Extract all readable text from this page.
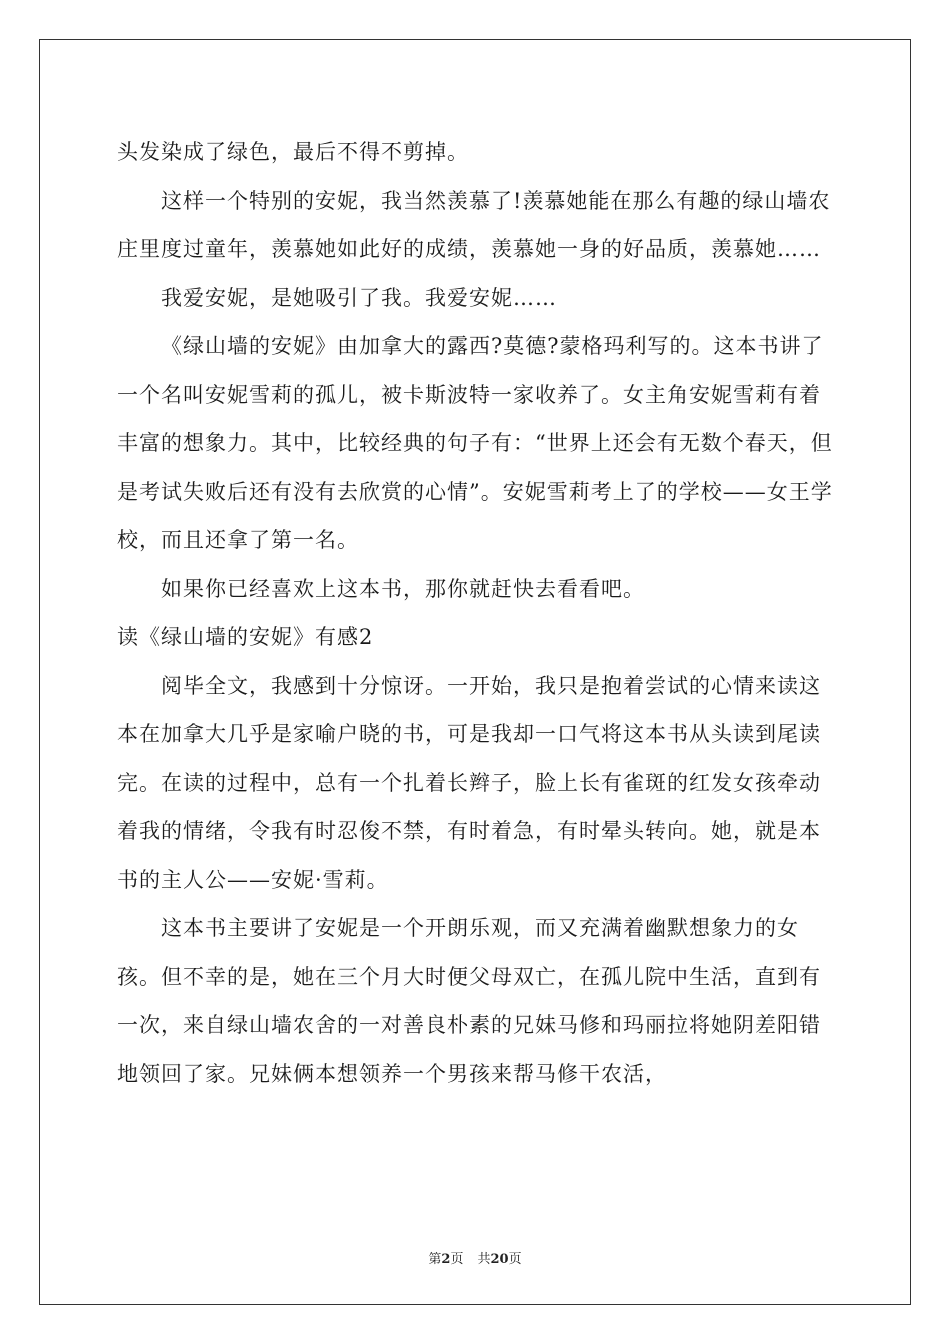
头发染成了绿色，最后不得不剪掉。

这样一个特别的安妮，我当然羡慕了!羡慕她能在那么有趣的绿山墙农庄里度过童年，羡慕她如此好的成绩，羡慕她一身的好品质，羡慕她……

我爱安妮，是她吸引了我。我爱安妮……

《绿山墙的安妮》由加拿大的露西?莫德?蒙格玛利写的。这本书讲了一个名叫安妮雪莉的孤儿，被卡斯波特一家收养了。女主角安妮雪莉有着丰富的想象力。其中，比较经典的句子有：“世界上还会有无数个春天，但是考试失败后还有没有去欣赏的心情”。安妮雪莉考上了的学校——女王学校，而且还拿了第一名。

如果你已经喜欢上这本书，那你就赶快去看看吧。

读《绿山墙的安妮》有感2

阅毕全文，我感到十分惊讶。一开始，我只是抱着尝试的心情来读这本在加拿大几乎是家喻户晓的书，可是我却一口气将这本书从头读到尾读完。在读的过程中，总有一个扎着长辫子，脸上长有雀斑的红发女孩牵动着我的情绪，令我有时忍俊不禁，有时着急，有时晕头转向。她，就是本书的主人公——安妮·雪莉。

这本书主要讲了安妮是一个开朗乐观，而又充满着幽默想象力的女孩。但不幸的是，她在三个月大时便父母双亡，在孤儿院中生活，直到有一次，来自绿山墙农舍的一对善良朴素的兄妹马修和玛丽拉将她阴差阳错地领回了家。兄妹俩本想领养一个男孩来帮马修干农活，

第2页 共20页
